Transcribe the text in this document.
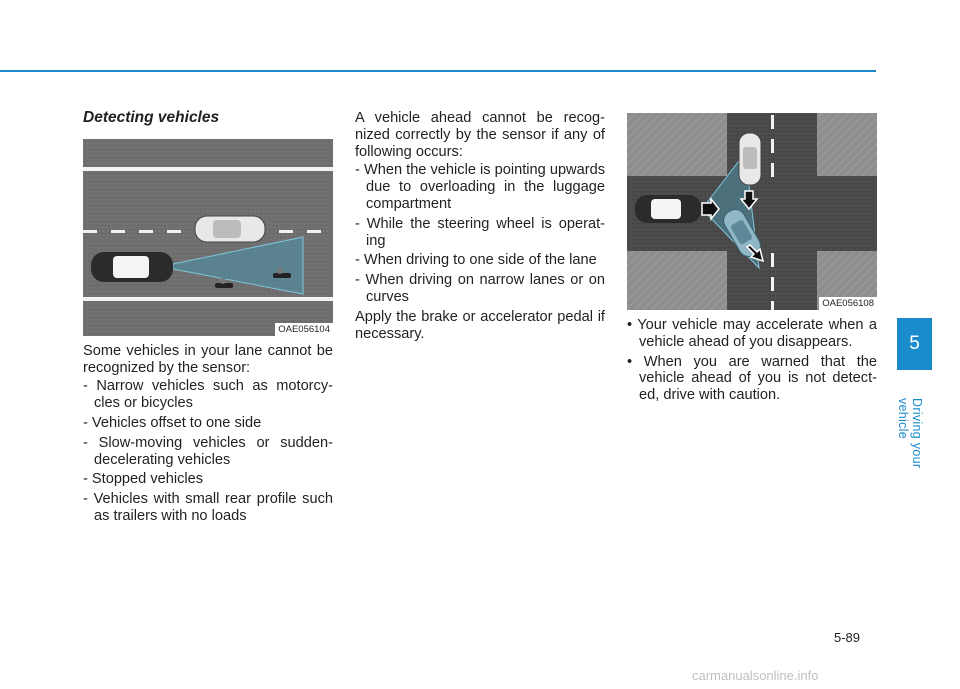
Detecting vehicles
OAE056104
Some vehicles in your lane cannot be recognized by the sensor:
- Narrow vehicles such as motorcy-cles or bicycles
- Vehicles offset to one side
- Slow-moving vehicles or sudden-decelerating vehicles
- Stopped vehicles
- Vehicles with small rear profile such as trailers with no loads
A vehicle ahead cannot be recog-nized correctly by the sensor if any of following occurs:
- When the vehicle is pointing upwards due to overloading in the luggage compartment
- While the steering wheel is operat-ing
- When driving to one side of the lane
- When driving on narrow lanes or on curves
Apply the brake or accelerator pedal if necessary.
OAE056108
• Your vehicle may accelerate when a vehicle ahead of you disappears.
• When you are warned that the vehicle ahead of you is not detect-ed, drive with caution.
5
Driving your vehicle
5-89
carmanualsonline.info
